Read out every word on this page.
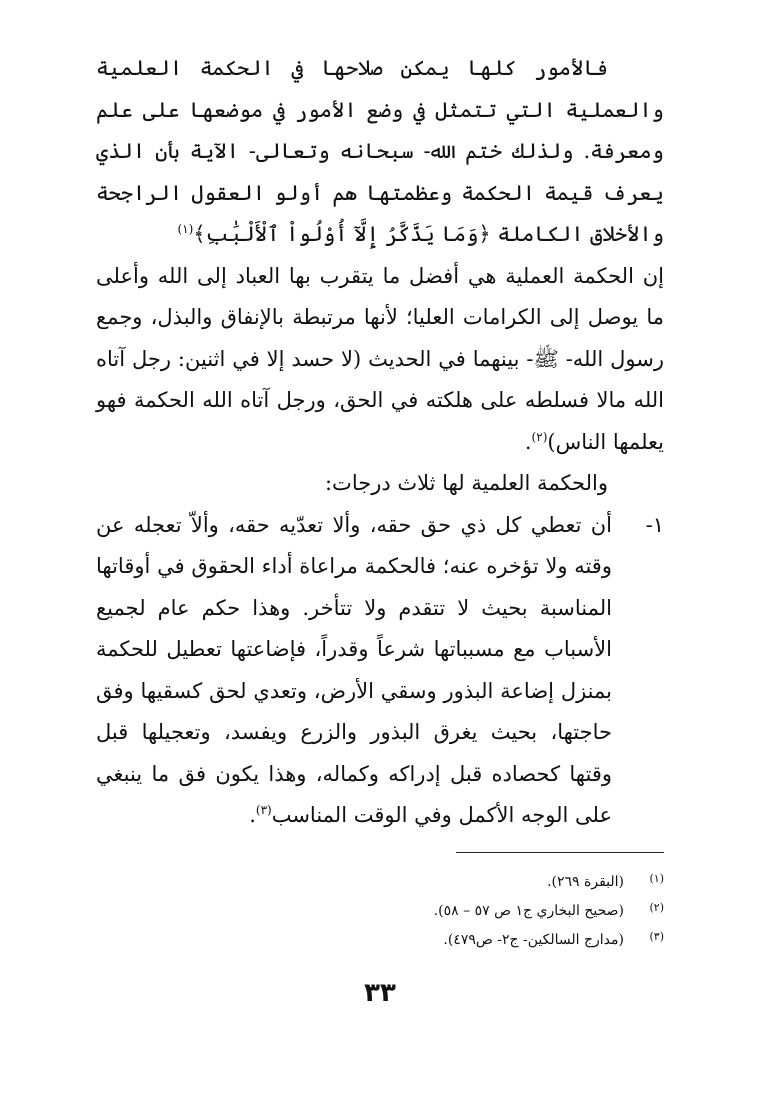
فالأمور كلها يمكن صلاحها في الحكمة العلمية والعملية التي تتمثل في وضع الأمور في موضعها على علم ومعرفة. ولذلك ختم الله- سبحانه وتعالى- الآية بأن الذي يعرف قيمة الحكمة وعظمتها هم أولو العقول الراجحة والأخلاق الكاملة ﴿وَمَا يَذَّكَّرُ إِلَّآ أُوْلُواْ ٱلْأَلْبَٰبِ﴾$^{(١)}$

إن الحكمة العملية هي أفضل ما يتقرب بها العباد إلى الله وأعلى ما يوصل إلى الكرامات العليا؛ لأنها مرتبطة بالإنفاق والبذل، وجمع رسول الله- ﷺ- بينهما في الحديث (لا حسد إلا في اثنين: رجل آتاه الله مالا فسلطه على هلكته في الحق، ورجل آتاه الله الحكمة فهو يعلمها الناس)$^{(٢)}$.

والحكمة العلمية لها ثلاث درجات:

١-
أن تعطي كل ذي حق حقه، وألا تعدّيه حقه، وألاّ تعجله عن وقته ولا تؤخره عنه؛ فالحكمة مراعاة أداء الحقوق في أوقاتها المناسبة بحيث لا تتقدم ولا تتأخر. وهذا حكم عام لجميع الأسباب مع مسبباتها شرعاً وقدراً، فإضاعتها تعطيل للحكمة بمنزل إضاعة البذور وسقي الأرض، وتعدي لحق كسقيها وفق حاجتها، بحيث يغرق البذور والزرع ويفسد، وتعجيلها قبل وقتها كحصاده قبل إدراكه وكماله، وهذا يكون فق ما ينبغي على الوجه الأكمل وفي الوقت المناسب$^{(٣)}$.
(١)
(البقرة ٢٦٩).
(٢)
(صحيح البخاري ج١ ص ٥٧ – ٥٨).
(٣)
(مدارج السالكين- ج٢- ص٤٧٩).
٣٣
